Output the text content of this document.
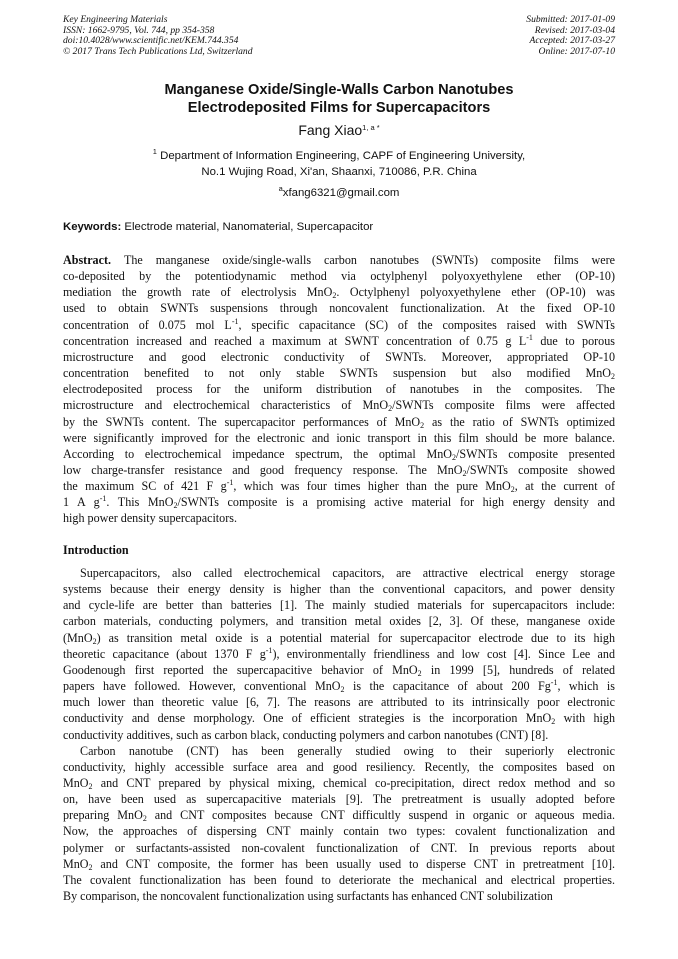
Key Engineering Materials
ISSN: 1662-9795, Vol. 744, pp 354-358
doi:10.4028/www.scientific.net/KEM.744.354
© 2017 Trans Tech Publications Ltd, Switzerland
Submitted: 2017-01-09
Revised: 2017-03-04
Accepted: 2017-03-27
Online: 2017-07-10
Manganese Oxide/Single-Walls Carbon Nanotubes
Electrodeposited Films for Supercapacitors
Fang Xiao$^{1, a *}$
$^1$ Department of Information Engineering, CAPF of Engineering University,
No.1 Wujing Road, Xi'an, Shaanxi, 710086, P.R. China
$^a$xfang6321@gmail.com
Keywords: Electrode material, Nanomaterial, Supercapacitor
Abstract. The manganese oxide/single-walls carbon nanotubes (SWNTs) composite films were
co-deposited by the potentiodynamic method via octylphenyl polyoxyethylene ether (OP-10)
mediation the growth rate of electrolysis MnO$_2$. Octylphenyl polyoxyethylene ether (OP-10) was
used to obtain SWNTs suspensions through noncovalent functionalization. At the fixed OP-10
concentration of 0.075 mol $L^{-1}$, specific capacitance (SC) of the composites raised with SWNTs
concentration increased and reached a maximum at SWNT concentration of 0.75 g $L^{-1}$ due to porous
microstructure and good electronic conductivity of SWNTs. Moreover, appropriated OP-10
concentration benefited to not only stable SWNTs suspension but also modified MnO$_2$
electrodeposited process for the uniform distribution of nanotubes in the composites. The
microstructure and electrochemical characteristics of MnO$_2$/SWNTs composite films were affected
by the SWNTs content. The supercapacitor performances of MnO$_2$ as the ratio of SWNTs optimized
were significantly improved for the electronic and ionic transport in this film should be more balance.
According to electrochemical impedance spectrum, the optimal MnO$_2$/SWNTs composite presented
low charge-transfer resistance and good frequency response. The MnO$_2$/SWNTs composite showed
the maximum SC of 421 F $g^{-1}$, which was four times higher than the pure MnO$_2$, at the current of
1 A $g^{-1}$. This MnO$_2$/SWNTs composite is a promising active material for high energy density and
high power density supercapacitors.
Introduction
Supercapacitors, also called electrochemical capacitors, are attractive electrical energy storage
systems because their energy density is higher than the conventional capacitors, and power density
and cycle-life are better than batteries [1]. The mainly studied materials for supercapacitors include:
carbon materials, conducting polymers, and transition metal oxides [2, 3]. Of these, manganese oxide
(MnO$_2$) as transition metal oxide is a potential material for supercapacitor electrode due to its high
theoretic capacitance (about 1370 F $g^{-1}$), environmentally friendliness and low cost [4]. Since Lee and
Goodenough first reported the supercapacitive behavior of MnO$_2$ in 1999 [5], hundreds of related
papers have followed. However, conventional MnO$_2$ is the capacitance of about 200 $Fg^{-1}$, which is
much lower than theoretic value [6, 7]. The reasons are attributed to its intrinsically poor electronic
conductivity and dense morphology. One of efficient strategies is the incorporation MnO$_2$ with high
conductivity additives, such as carbon black, conducting polymers and carbon nanotubes (CNT) [8].
Carbon nanotube (CNT) has been generally studied owing to their superiorly electronic
conductivity, highly accessible surface area and good resiliency. Recently, the composites based on
MnO$_2$ and CNT prepared by physical mixing, chemical co-precipitation, direct redox method and so
on, have been used as supercapacitive materials [9]. The pretreatment is usually adopted before
preparing MnO$_2$ and CNT composites because CNT difficultly suspend in organic or aqueous media.
Now, the approaches of dispersing CNT mainly contain two types: covalent functionalization and
polymer or surfactants-assisted non-covalent functionalization of CNT. In previous reports about
MnO$_2$ and CNT composite, the former has been usually used to disperse CNT in pretreatment [10].
The covalent functionalization has been found to deteriorate the mechanical and electrical properties.
By comparison, the noncovalent functionalization using surfactants has enhanced CNT solubilization
